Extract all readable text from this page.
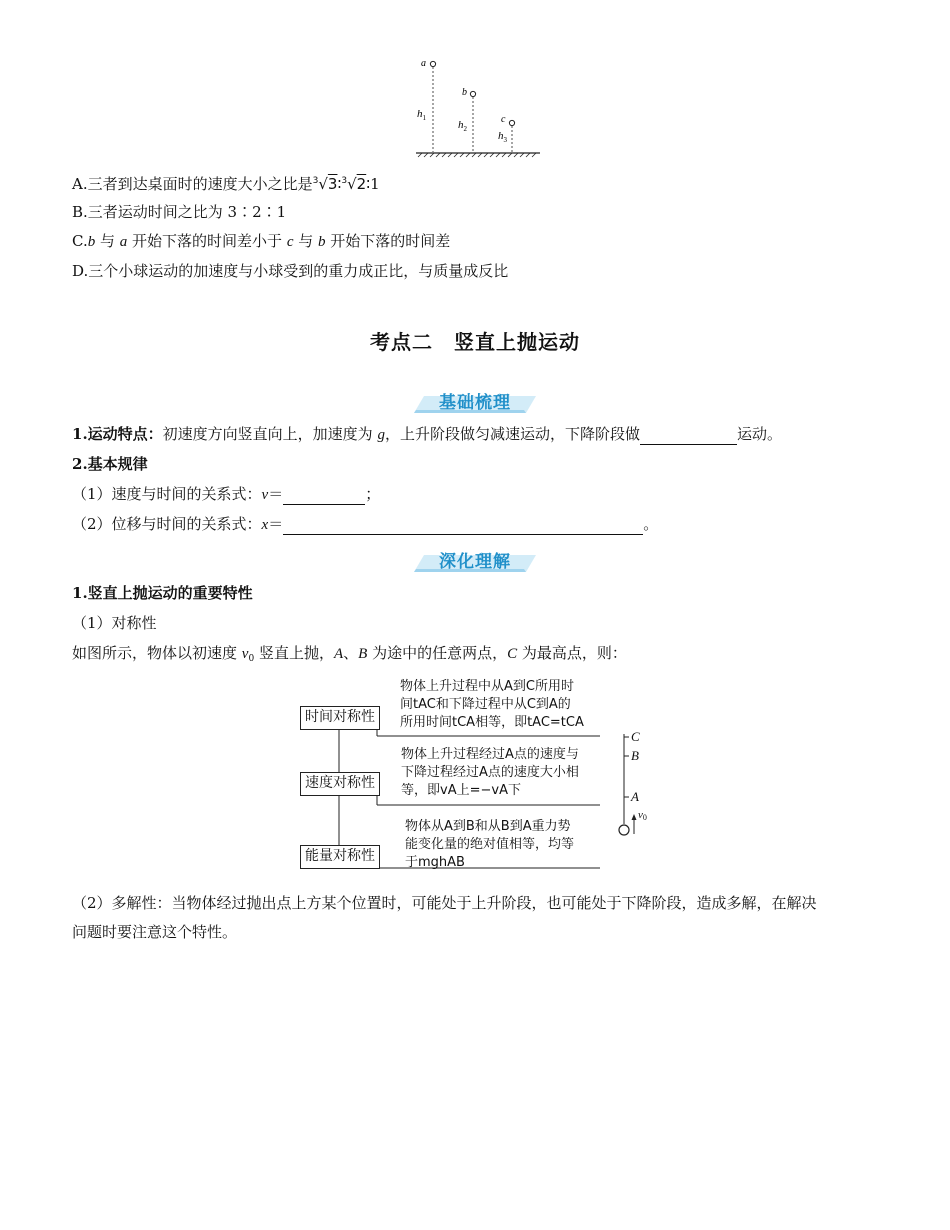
a
$h_1$
b
$h_2$
c
$h_3$
A.三者到达桌面时的速度大小之比是$^3$√3∶$^3$√2∶1
B.三者运动时间之比为 3∶2∶1
C.b 与 a 开始下落的时间差小于 c 与 b 开始下落的时间差
D.三个小球运动的加速度与小球受到的重力成正比，与质量成反比
考点二　竖直上抛运动
基础梳理
1.运动特点：初速度方向竖直向上，加速度为 g，上升阶段做匀减速运动，下降阶段做	运动。
2.基本规律
（1）速度与时间的关系式：v＝	；
（2）位移与时间的关系式：x＝	。
深化理解
1.竖直上抛运动的重要特性
（1）对称性
如图所示，物体以初速度 $v_0$ 竖直上抛，A、B 为途中的任意两点，C 为最高点，则：
时间对称性
速度对称性
能量对称性
物体上升过程中从A到C所用时
间tAC和下降过程中从C到A的
所用时间tCA相等，即tAC=tCA
物体上升过程经过A点的速度与
下降过程经过A点的速度大小相
等，即vA上=−vA下
物体从A到B和从B到A重力势
能变化量的绝对值相等，均等
于mghAB
C
B
A
v0
（2）多解性：当物体经过抛出点上方某个位置时，可能处于上升阶段，也可能处于下降阶段，造成多解，在解决
问题时要注意这个特性。
